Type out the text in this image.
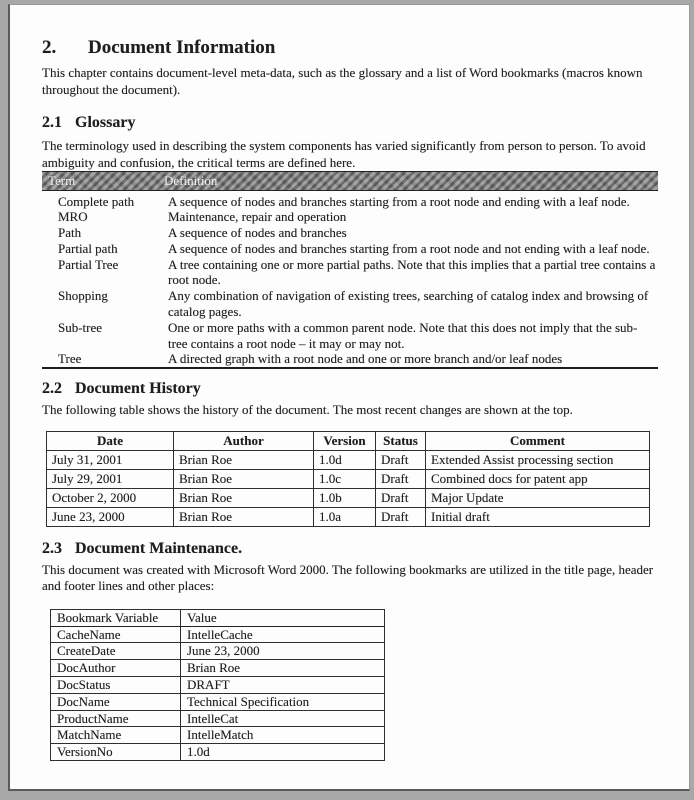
2. Document Information

This chapter contains document-level meta-data, such as the glossary and a list of Word bookmarks (macros known throughout the document).

2.1 Glossary

The terminology used in describing the system components has varied significantly from person to person. To avoid ambiguity and confusion, the critical terms are defined here.

Term	Definition

Complete path	A sequence of nodes and branches starting from a root node and ending with a leaf node.
MRO	Maintenance, repair and operation
Path	A sequence of nodes and branches
Partial path	A sequence of nodes and branches starting from a root node and not ending with a leaf node.
Partial Tree	A tree containing one or more partial paths. Note that this implies that a partial tree contains a root node.
Shopping	Any combination of navigation of existing trees, searching of catalog index and browsing of catalog pages.
Sub-tree	One or more paths with a common parent node. Note that this does not imply that the sub-tree contains a root node – it may or may not.
Tree	A directed graph with a root node and one or more branch and/or leaf nodes
2.2 Document History

The following table shows the history of the document. The most recent changes are shown at the top.

Date	Author	Version	Status	Comment
July 31, 2001	Brian Roe	1.0d	Draft	Extended Assist processing section
July 29, 2001	Brian Roe	1.0c	Draft	Combined docs for patent app
October 2, 2000	Brian Roe	1.0b	Draft	Major Update
June 23, 2000	Brian Roe	1.0a	Draft	Initial draft
2.3 Document Maintenance.

This document was created with Microsoft Word 2000. The following bookmarks are utilized in the title page, header and footer lines and other places:

Bookmark Variable	Value
CacheName	IntelleCache
CreateDate	June 23, 2000
DocAuthor	Brian Roe
DocStatus	DRAFT
DocName	Technical Specification
ProductName	IntelleCat
MatchName	IntelleMatch
VersionNo	1.0d
